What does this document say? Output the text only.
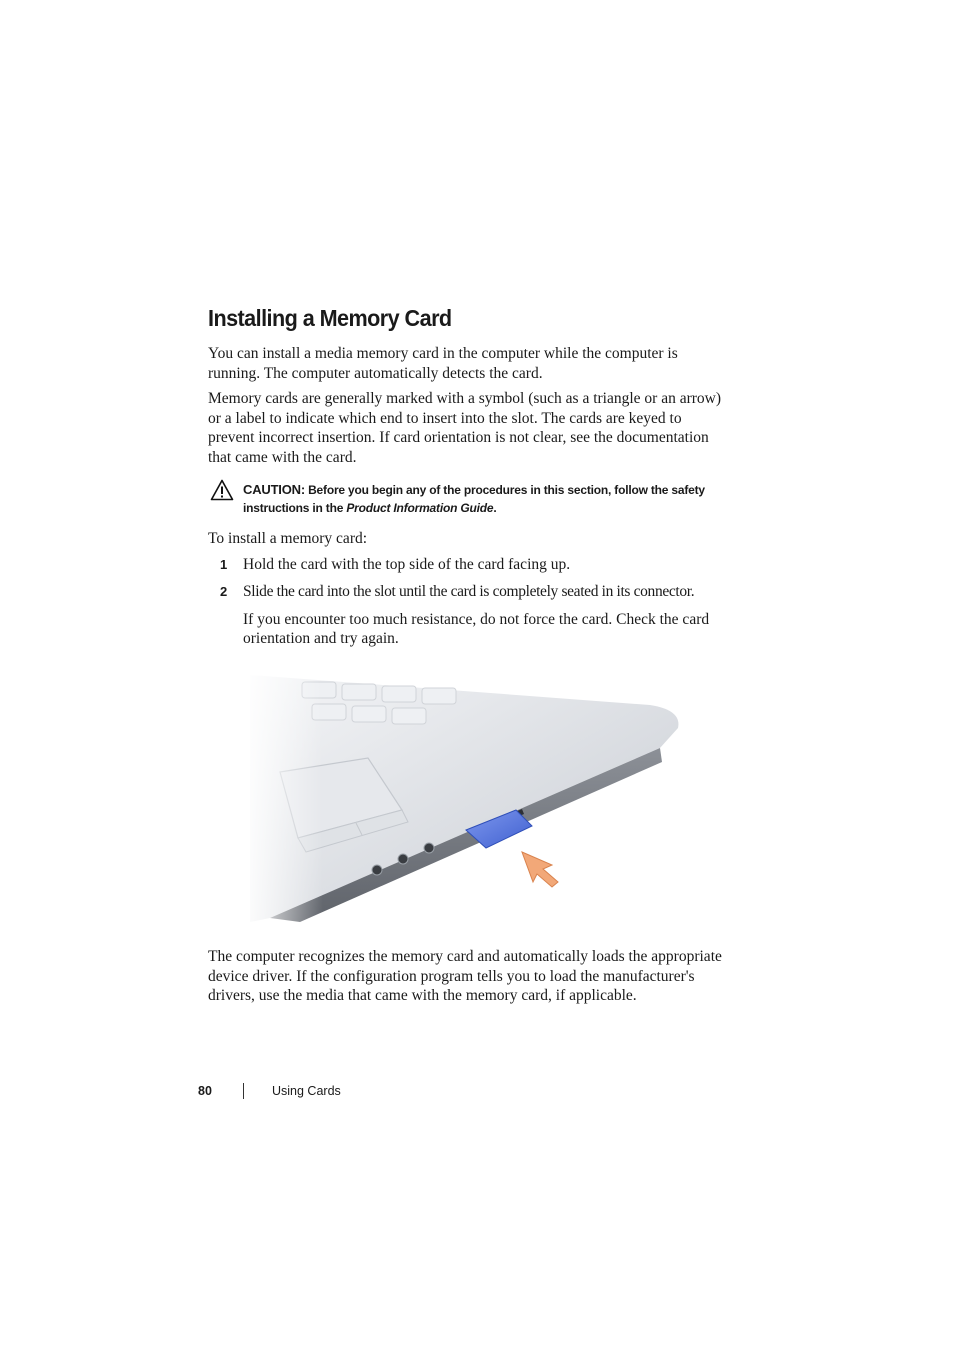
Installing a Memory Card

You can install a media memory card in the computer while the computer is running. The computer automatically detects the card.

Memory cards are generally marked with a symbol (such as a triangle or an arrow) or a label to indicate which end to insert into the slot. The cards are keyed to prevent incorrect insertion. If card orientation is not clear, see the documentation that came with the card.

CAUTION: Before you begin any of the procedures in this section, follow the safety instructions in the Product Information Guide.

To install a memory card:

1 Hold the card with the top side of the card facing up.
2 Slide the card into the slot until the card is completely seated in its connector.

If you encounter too much resistance, do not force the card. Check the card orientation and try again.

The computer recognizes the memory card and automatically loads the appropriate device driver. If the configuration program tells you to load the manufacturer's drivers, use the media that came with the memory card, if applicable.

80	Using Cards
